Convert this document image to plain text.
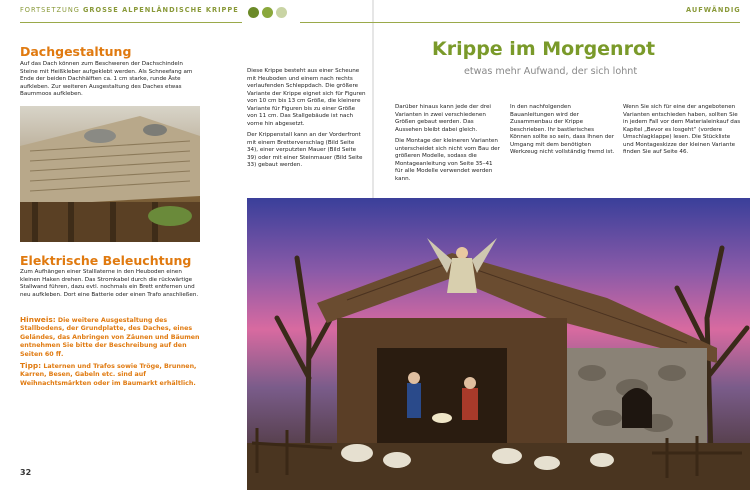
FORTSETZUNG GROSSE ALPENLÄNDISCHE KRIPPE
Dachgestaltung
Auf das Dach können zum Beschweren der Dachschindeln Steine mit Heißkleber aufgeklebt werden. Als Schneefang am Ende der beiden Dachhälften ca. 1 cm starke, runde Äste aufkleben. Zur weiteren Ausgestaltung des Daches etwas Baummoos aufkleben.
Elektrische Beleuchtung
Zum Aufhängen einer Stalllaterne in den Heuboden einen kleinen Haken drehen. Das Stromkabel durch die rückwärtige Stallwand führen, dazu evtl. nochmals ein Brett entfernen und neu aufkleben. Dort eine Batterie oder einen Trafo anschließen.
Hinweis: Die weitere Ausgestaltung des Stallbodens, der Grundplatte, des Daches, eines Geländes, das Anbringen von Zäunen und Bäumen entnehmen Sie bitte der Beschreibung auf den Seiten 60 ff.
Tipp: Laternen und Trafos sowie Tröge, Brunnen, Karren, Besen, Gabeln etc. sind auf Weihnachtsmärkten oder im Baumarkt erhältlich.
32
AUFWÄNDIG
Krippe im Morgenrot
etwas mehr Aufwand, der sich lohnt
Diese Krippe besteht aus einer Scheune mit Heuboden und einem nach rechts verlaufenden Schleppdach. Die größere Variante der Krippe eignet sich für Figuren von 10 cm bis 13 cm Größe, die kleinere Variante für Figuren bis zu einer Größe von 11 cm. Das Stallgebäude ist nach vorne hin abgesetzt.
Der Krippenstall kann an der Vorderfront mit einem Bretterverschlag (Bild Seite 34), einer verputzten Mauer (Bild Seite 39) oder mit einer Steinmauer (Bild Seite 33) gebaut werden.
Darüber hinaus kann jede der drei Varianten in zwei verschiedenen Größen gebaut werden. Das Aussehen bleibt dabei gleich.
Die Montage der kleineren Varianten unterscheidet sich nicht vom Bau der größeren Modelle, sodass die Montageanleitung von Seite 35–41 für alle Modelle verwendet werden kann.
In den nachfolgenden Bauanleitungen wird der Zusammenbau der Krippe beschrieben. Ihr bastlerisches Können sollte so sein, dass Ihnen der Umgang mit dem benötigten Werkzeug nicht vollständig fremd ist.
Wenn Sie sich für eine der angebotenen Varianten entschieden haben, sollten Sie in jedem Fall vor dem Materialeinkauf das Kapitel „Bevor es losgeht“ (vordere Umschlagklappe) lesen. Die Stückliste und Montageskizze der kleinen Variante finden Sie auf Seite 46.
